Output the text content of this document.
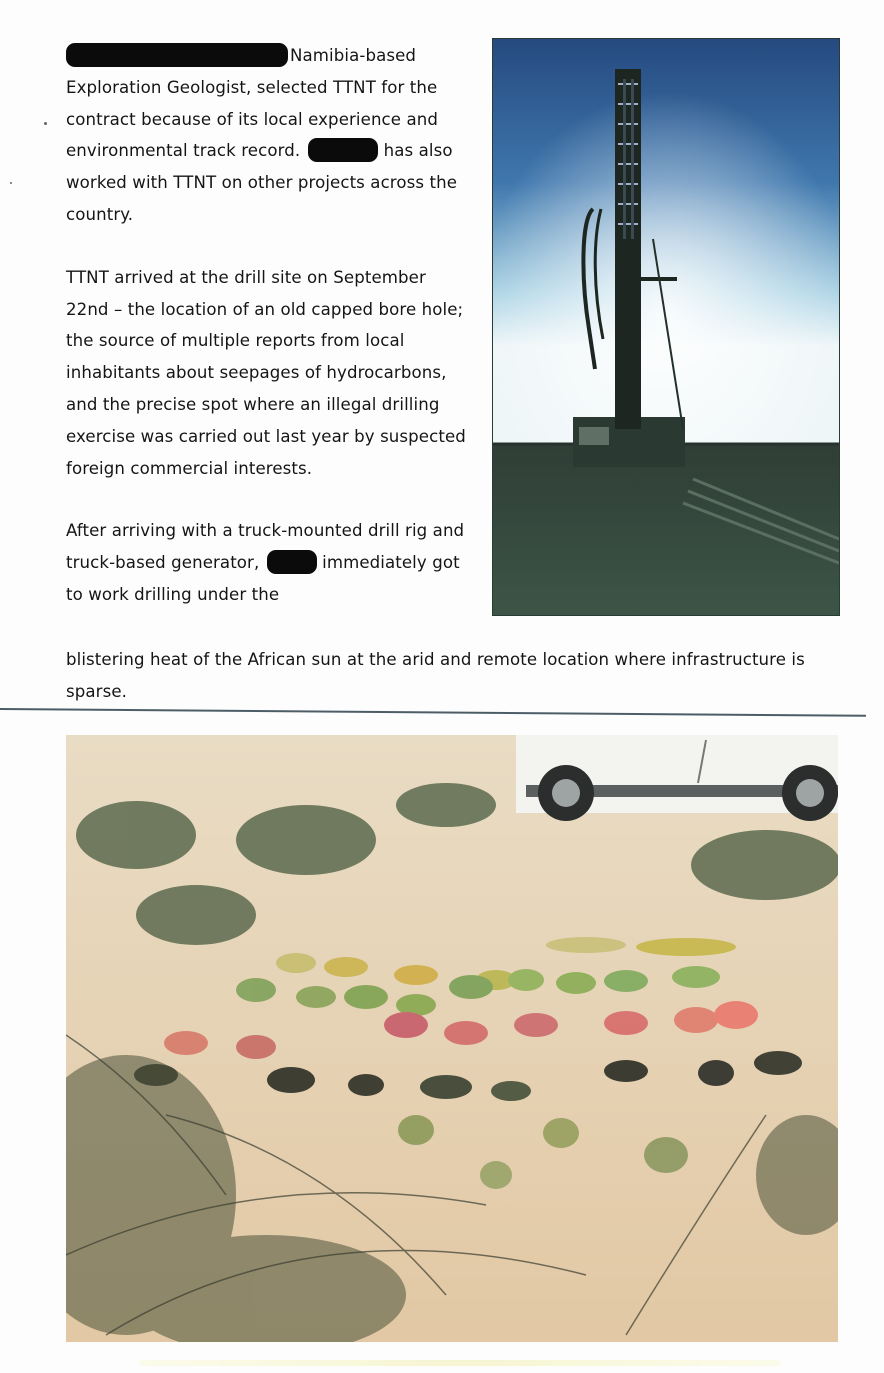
Namibia-based Exploration Geologist, selected TTNT for the contract because of its local experience and environmental track record.	has also worked with TTNT on other projects across the country.

TTNT arrived at the drill site on September 22nd – the location of an old capped bore hole; the source of multiple reports from local inhabitants about seepages of hydrocarbons, and the precise spot where an illegal drilling exercise was carried out last year by suspected foreign commercial interests.

After arriving with a truck-mounted drill rig and truck-based generator,	immediately got to work drilling under the

blistering heat of the African sun at the arid and remote location where infrastructure is sparse.
